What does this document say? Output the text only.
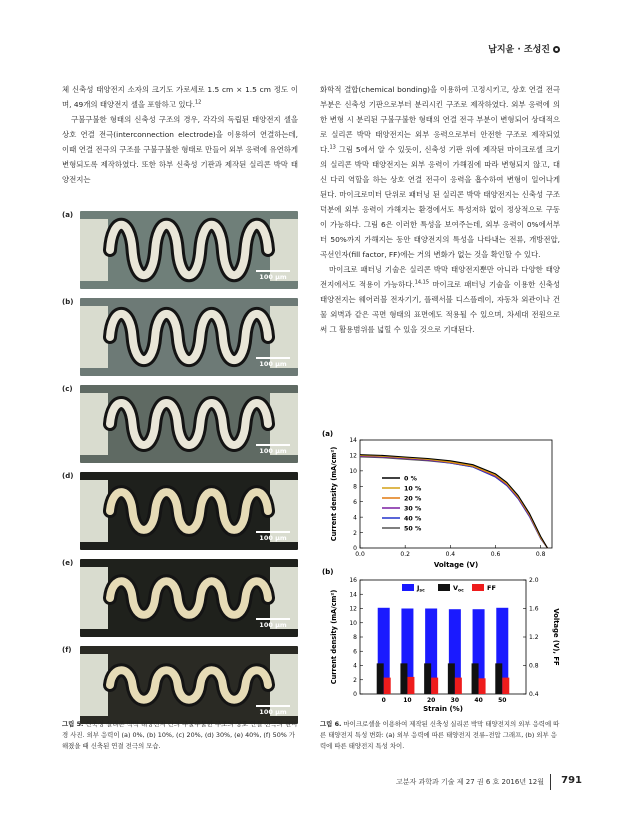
남지윤 · 조성진

체 신축성 태양전지 소자의 크기도 가로세로 1.5 cm × 1.5 cm 정도 이며, 49개의 태양전지 셀을 포함하고 있다.$^{12}$

구불구불한 형태의 신축성 구조의 경우, 각각의 독립된 태양전지 셀을 상호 연결 전극(interconnection electrode)을 이용하여 연결하는데, 이때 연결 전극의 구조를 구불구불한 형태로 만들어 외부 응력에 유연하게 변형되도록 제작하였다. 또한 하부 신축성 기판과 제작된 실리콘 박막 태양전지는

화학적 결합(chemical bonding)을 이용하여 고정시키고, 상호 연결 전극 부분은 신축성 기판으로부터 분리시킨 구조로 제작하였다. 외부 응력에 의한 변형 시 분리된 구불구불한 형태의 연결 전극 부분이 변형되어 상대적으로 실리콘 박막 태양전지는 외부 응력으로부터 안전한 구조로 제작되었다.$^{13}$ 그림 5에서 알 수 있듯이, 신축성 기판 위에 제작된 마이크로셀 크기의 실리콘 박막 태양전지는 외부 응력이 가해짐에 따라 변형되지 않고, 대신 다리 역할을 하는 상호 연결 전극이 응력을 흡수하여 변형이 일어나게 된다. 마이크로미터 단위로 패터닝 된 실리콘 박막 태양전지는 신축성 구조 덕분에 외부 응력이 가해지는 환경에서도 특성저하 없이 정상적으로 구동이 가능하다. 그림 6은 이러한 특성을 보여주는데, 외부 응력이 0%에서부터 50%까지 가해지는 동안 태양전지의 특성을 나타내는 전류, 개방전압, 곡선인자(fill factor, FF)에는 거의 변화가 없는 것을 확인할 수 있다.

마이크로 패터닝 기술은 실리콘 박막 태양전지뿐만 아니라 다양한 태양전지에서도 적용이 가능하다.$^{14,15}$ 마이크로 패터닝 기술을 이용한 신축성 태양전지는 웨어러블 전자기기, 플렉서블 디스플레이, 자동차 외관이나 건물 외벽과 같은 곡면 형태의 표면에도 적용될 수 있으며, 차세대 전원으로써 그 활용범위를 넓힐 수 있을 것으로 기대된다.

(a)
100 μm
(b)
100 μm
(c)
100 μm
(d)
100 μm
(e)
100 μm
(f)
100 μm
그림 5. 신축성 실리콘 박막 태양전지 간의 구불구불한 구조의 상호 연결 전극의 현미경 사진. 외부 응력이 (a) 0%, (b) 10%, (c) 20%, (d) 30%, (e) 40%, (f) 50% 가해졌을 때 신축된 연결 전극의 모습.
(a)
0
2
4
6
8
10
12
14
0.0	0.2	0.4	0.6	0.8
Voltage (V)
Current density (mA/cm²)	0 %
10 %
20 %
30 %
40 %
50 %
(b)
0
2
4
6
8
10
12
14
16
0.4
0.8
1.2
1.6
2.0
0	10	20	30	40	50
Strain (%)
Current density (mA/cm²)	Voltage (V), FF
$J_{sc}$	$V_{oc}$	FF
그림 6. 마이크로셀을 이용하여 제작된 신축성 실리콘 박막 태양전지의 외부 응력에 따른 태양전지 특성 변화: (a) 외부 응력에 따른 태양전지 전류–전압 그래프, (b) 외부 응력에 따른 태양전지 특성 차이.
고분자 과학과 기술 제 27 권 6 호 2016년 12월 791
